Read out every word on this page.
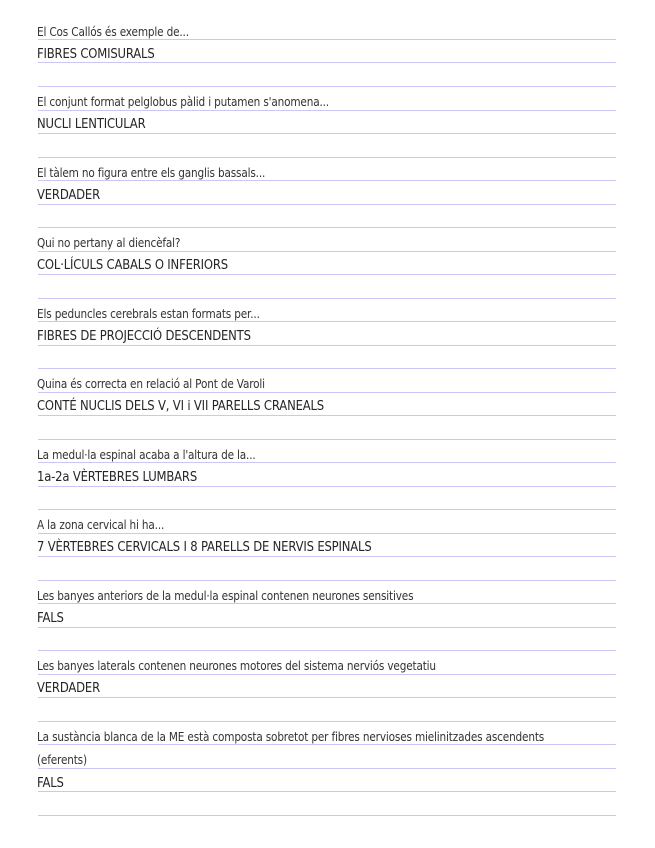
El Cos Callós és exemple de...
FIBRES COMISURALS
El conjunt format pelglobus pàlid i putamen s'anomena...
NUCLI LENTICULAR
El tàlem no figura entre els ganglis bassals...
VERDADER
Qui no pertany al diencèfal?
COL·LÍCULS CABALS O INFERIORS
Els peduncles cerebrals estan formats per...
FIBRES DE PROJECCIÓ DESCENDENTS
Quina és correcta en relació al Pont de Varoli
CONTÉ NUCLIS DELS V, VI i VII PARELLS CRANEALS
La medul·la espinal acaba a l'altura de la...
1a-2a VÈRTEBRES LUMBARS
A la zona cervical hi ha...
7 VÈRTEBRES CERVICALS I 8 PARELLS DE NERVIS ESPINALS
Les banyes anteriors de la medul·la espinal contenen neurones sensitives
FALS
Les banyes laterals contenen neurones motores del sistema nerviós vegetatiu
VERDADER
La sustància blanca de la ME està composta sobretot per fibres nervioses mielinitzades ascendents
(eferents)
FALS
